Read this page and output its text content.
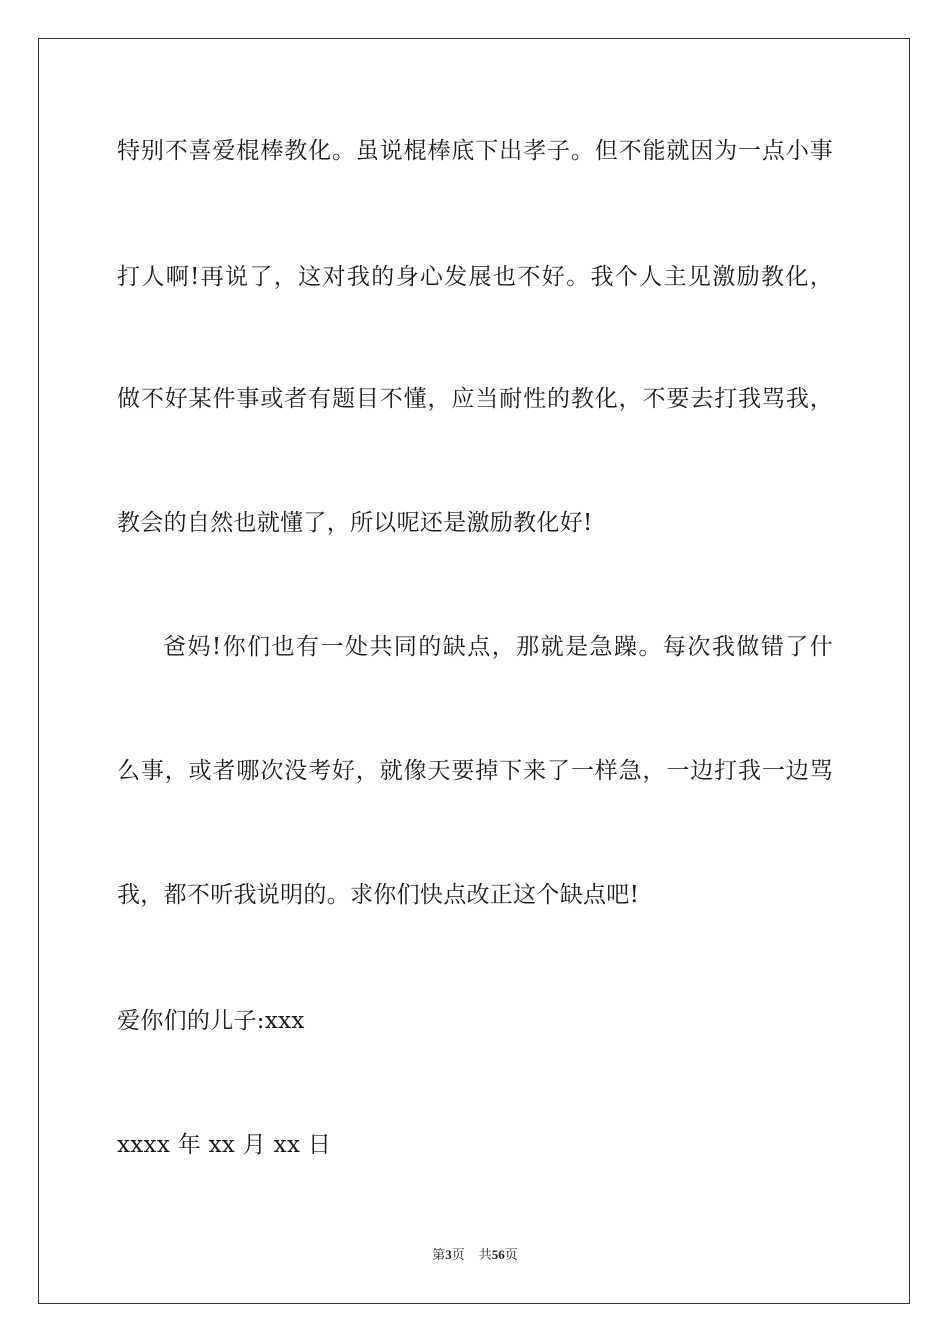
特别不喜爱棍棒教化。虽说棍棒底下出孝子。但不能就因为一点小事
打人啊!再说了，这对我的身心发展也不好。我个人主见激励教化，
做不好某件事或者有题目不懂，应当耐性的教化，不要去打我骂我，
教会的自然也就懂了，所以呢还是激励教化好!
爸妈!你们也有一处共同的缺点，那就是急躁。每次我做错了什
么事，或者哪次没考好，就像天要掉下来了一样急，一边打我一边骂
我，都不听我说明的。求你们快点改正这个缺点吧!
爱你们的儿子:xxx
xxxx 年 xx 月 xx 日
第3页 共56页
